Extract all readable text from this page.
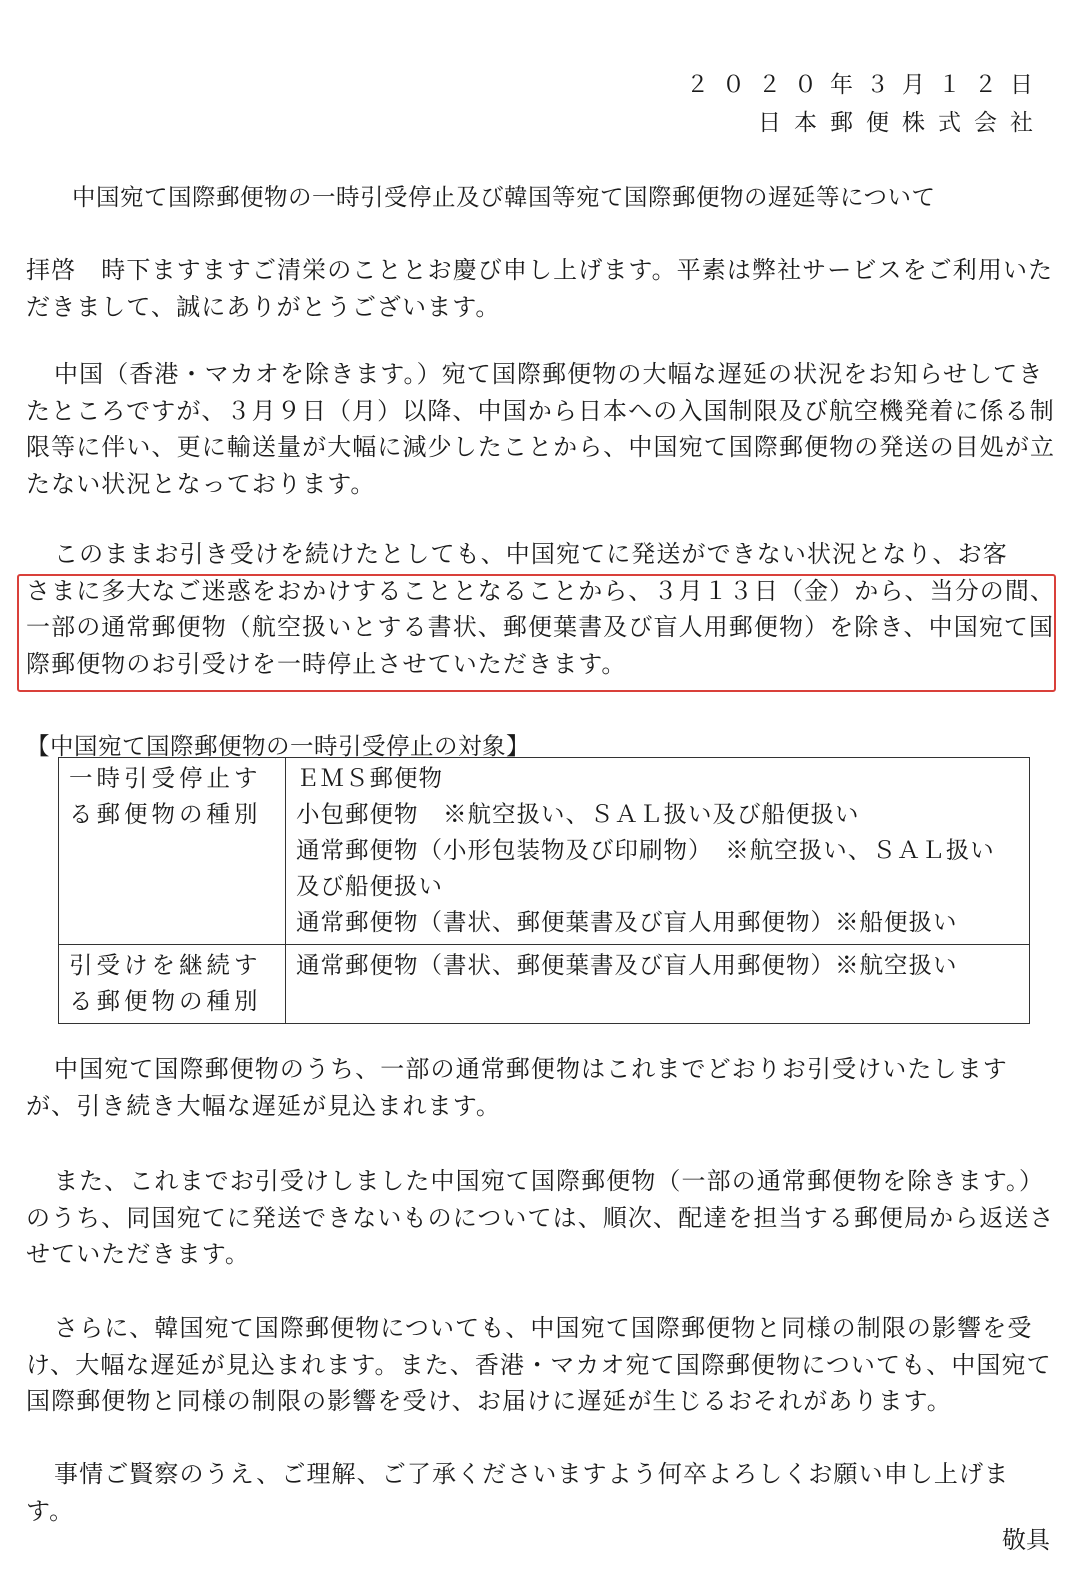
２０２０年３月１２日
日本郵便株式会社
中国宛て国際郵便物の一時引受停止及び韓国等宛て国際郵便物の遅延等について
拝啓　時下ますますご清栄のこととお慶び申し上げます。平素は弊社サービスをご利用いただきまして、誠にありがとうございます。
中国（香港・マカオを除きます。）宛て国際郵便物の大幅な遅延の状況をお知らせしてきたところですが、３月９日（月）以降、中国から日本への入国制限及び航空機発着に係る制限等に伴い、更に輸送量が大幅に減少したことから、中国宛て国際郵便物の発送の目処が立たない状況となっております。
このままお引き受けを続けたとしても、中国宛てに発送ができない状況となり、お客
さまに多大なご迷惑をおかけすることとなることから、３月１３日（金）から、当分の間、一部の通常郵便物（航空扱いとする書状、郵便葉書及び盲人用郵便物）を除き、中国宛て国際郵便物のお引受けを一時停止させていただきます。
【中国宛て国際郵便物の一時引受停止の対象】
一時引受停止する郵便物の種別	ＥＭＳ郵便物
小包郵便物　※航空扱い、ＳＡＬ扱い及び船便扱い
通常郵便物（小形包装物及び印刷物）　※航空扱い、ＳＡＬ扱い及び船便扱い
通常郵便物（書状、郵便葉書及び盲人用郵便物）※船便扱い

引受けを継続する郵便物の種別	通常郵便物（書状、郵便葉書及び盲人用郵便物）※航空扱い
中国宛て国際郵便物のうち、一部の通常郵便物はこれまでどおりお引受けいたしますが、引き続き大幅な遅延が見込まれます。
また、これまでお引受けしました中国宛て国際郵便物（一部の通常郵便物を除きます。）のうち、同国宛てに発送できないものについては、順次、配達を担当する郵便局から返送させていただきます。
さらに、韓国宛て国際郵便物についても、中国宛て国際郵便物と同様の制限の影響を受け、大幅な遅延が見込まれます。また、香港・マカオ宛て国際郵便物についても、中国宛て国際郵便物と同様の制限の影響を受け、お届けに遅延が生じるおそれがあります。
事情ご賢察のうえ、ご理解、ご了承くださいますよう何卒よろしくお願い申し上げます。
敬具
